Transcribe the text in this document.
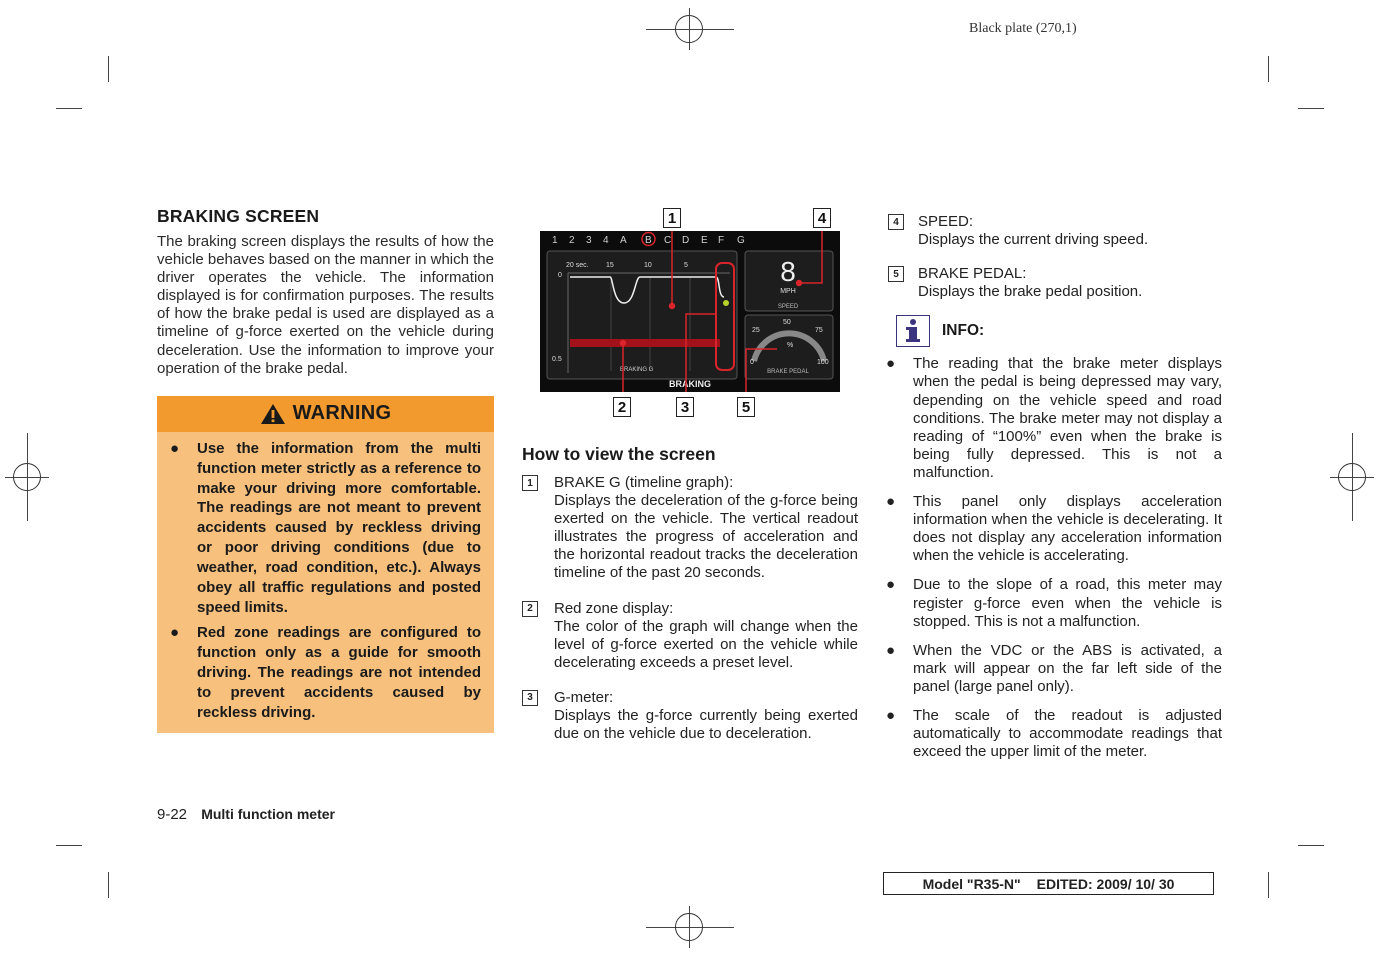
Black plate (270,1)
BRAKING SCREEN

The braking screen displays the results of how the vehicle behaves based on the manner in which the driver operates the vehicle. The information displayed is for confirmation purposes. The results of how the brake pedal is used are displayed as a timeline of g-force exerted on the vehicle during deceleration. Use the information to improve your operation of the brake pedal.

WARNING
● Use the information from the multi function meter strictly as a reference to make your driving more comfortable. The readings are not meant to prevent accidents caused by reckless driving or poor driving conditions (due to weather, road condition, etc.). Always obey all traffic regulations and posted speed limits.
● Red zone readings are configured to function only as a guide for smooth driving. The readings are not intended to prevent accidents caused by reckless driving.
1	4
2	3	5
1 2 3 4 A B C D E F G
20 sec. 15	10	5
0
0.5
BRAKING G
8
MPH
SPEED
0
25
50
75
100
%
BRAKE PEDAL
BRAKING
How to view the screen
1	BRAKE G (timeline graph):
Displays the deceleration of the g-force being exerted on the vehicle. The vertical readout illustrates the progress of acceleration and the horizontal readout tracks the deceleration timeline of the past 20 seconds.
2	Red zone display:
The color of the graph will change when the level of g-force exerted on the vehicle while decelerating exceeds a preset level.
3	G-meter:
Displays the g-force currently being exerted due on the vehicle due to deceleration.
4	SPEED:
Displays the current driving speed.
5	BRAKE PEDAL:
Displays the brake pedal position.
INFO:
● The reading that the brake meter displays when the pedal is being depressed may vary, depending on the vehicle speed and road conditions. The brake meter may not display a reading of “100%” even when the brake is being fully depressed. This is not a malfunction.
● This panel only displays acceleration information when the vehicle is decelerating. It does not display any acceleration information when the vehicle is accelerating.
● Due to the slope of a road, this meter may register g-force even when the vehicle is stopped. This is not a malfunction.
● When the VDC or the ABS is activated, a mark will appear on the far left side of the panel (large panel only).
● The scale of the readout is adjusted automatically to accommodate readings that exceed the upper limit of the meter.
9-22 Multi function meter
Model "R35-N" EDITED: 2009/ 10/ 30
